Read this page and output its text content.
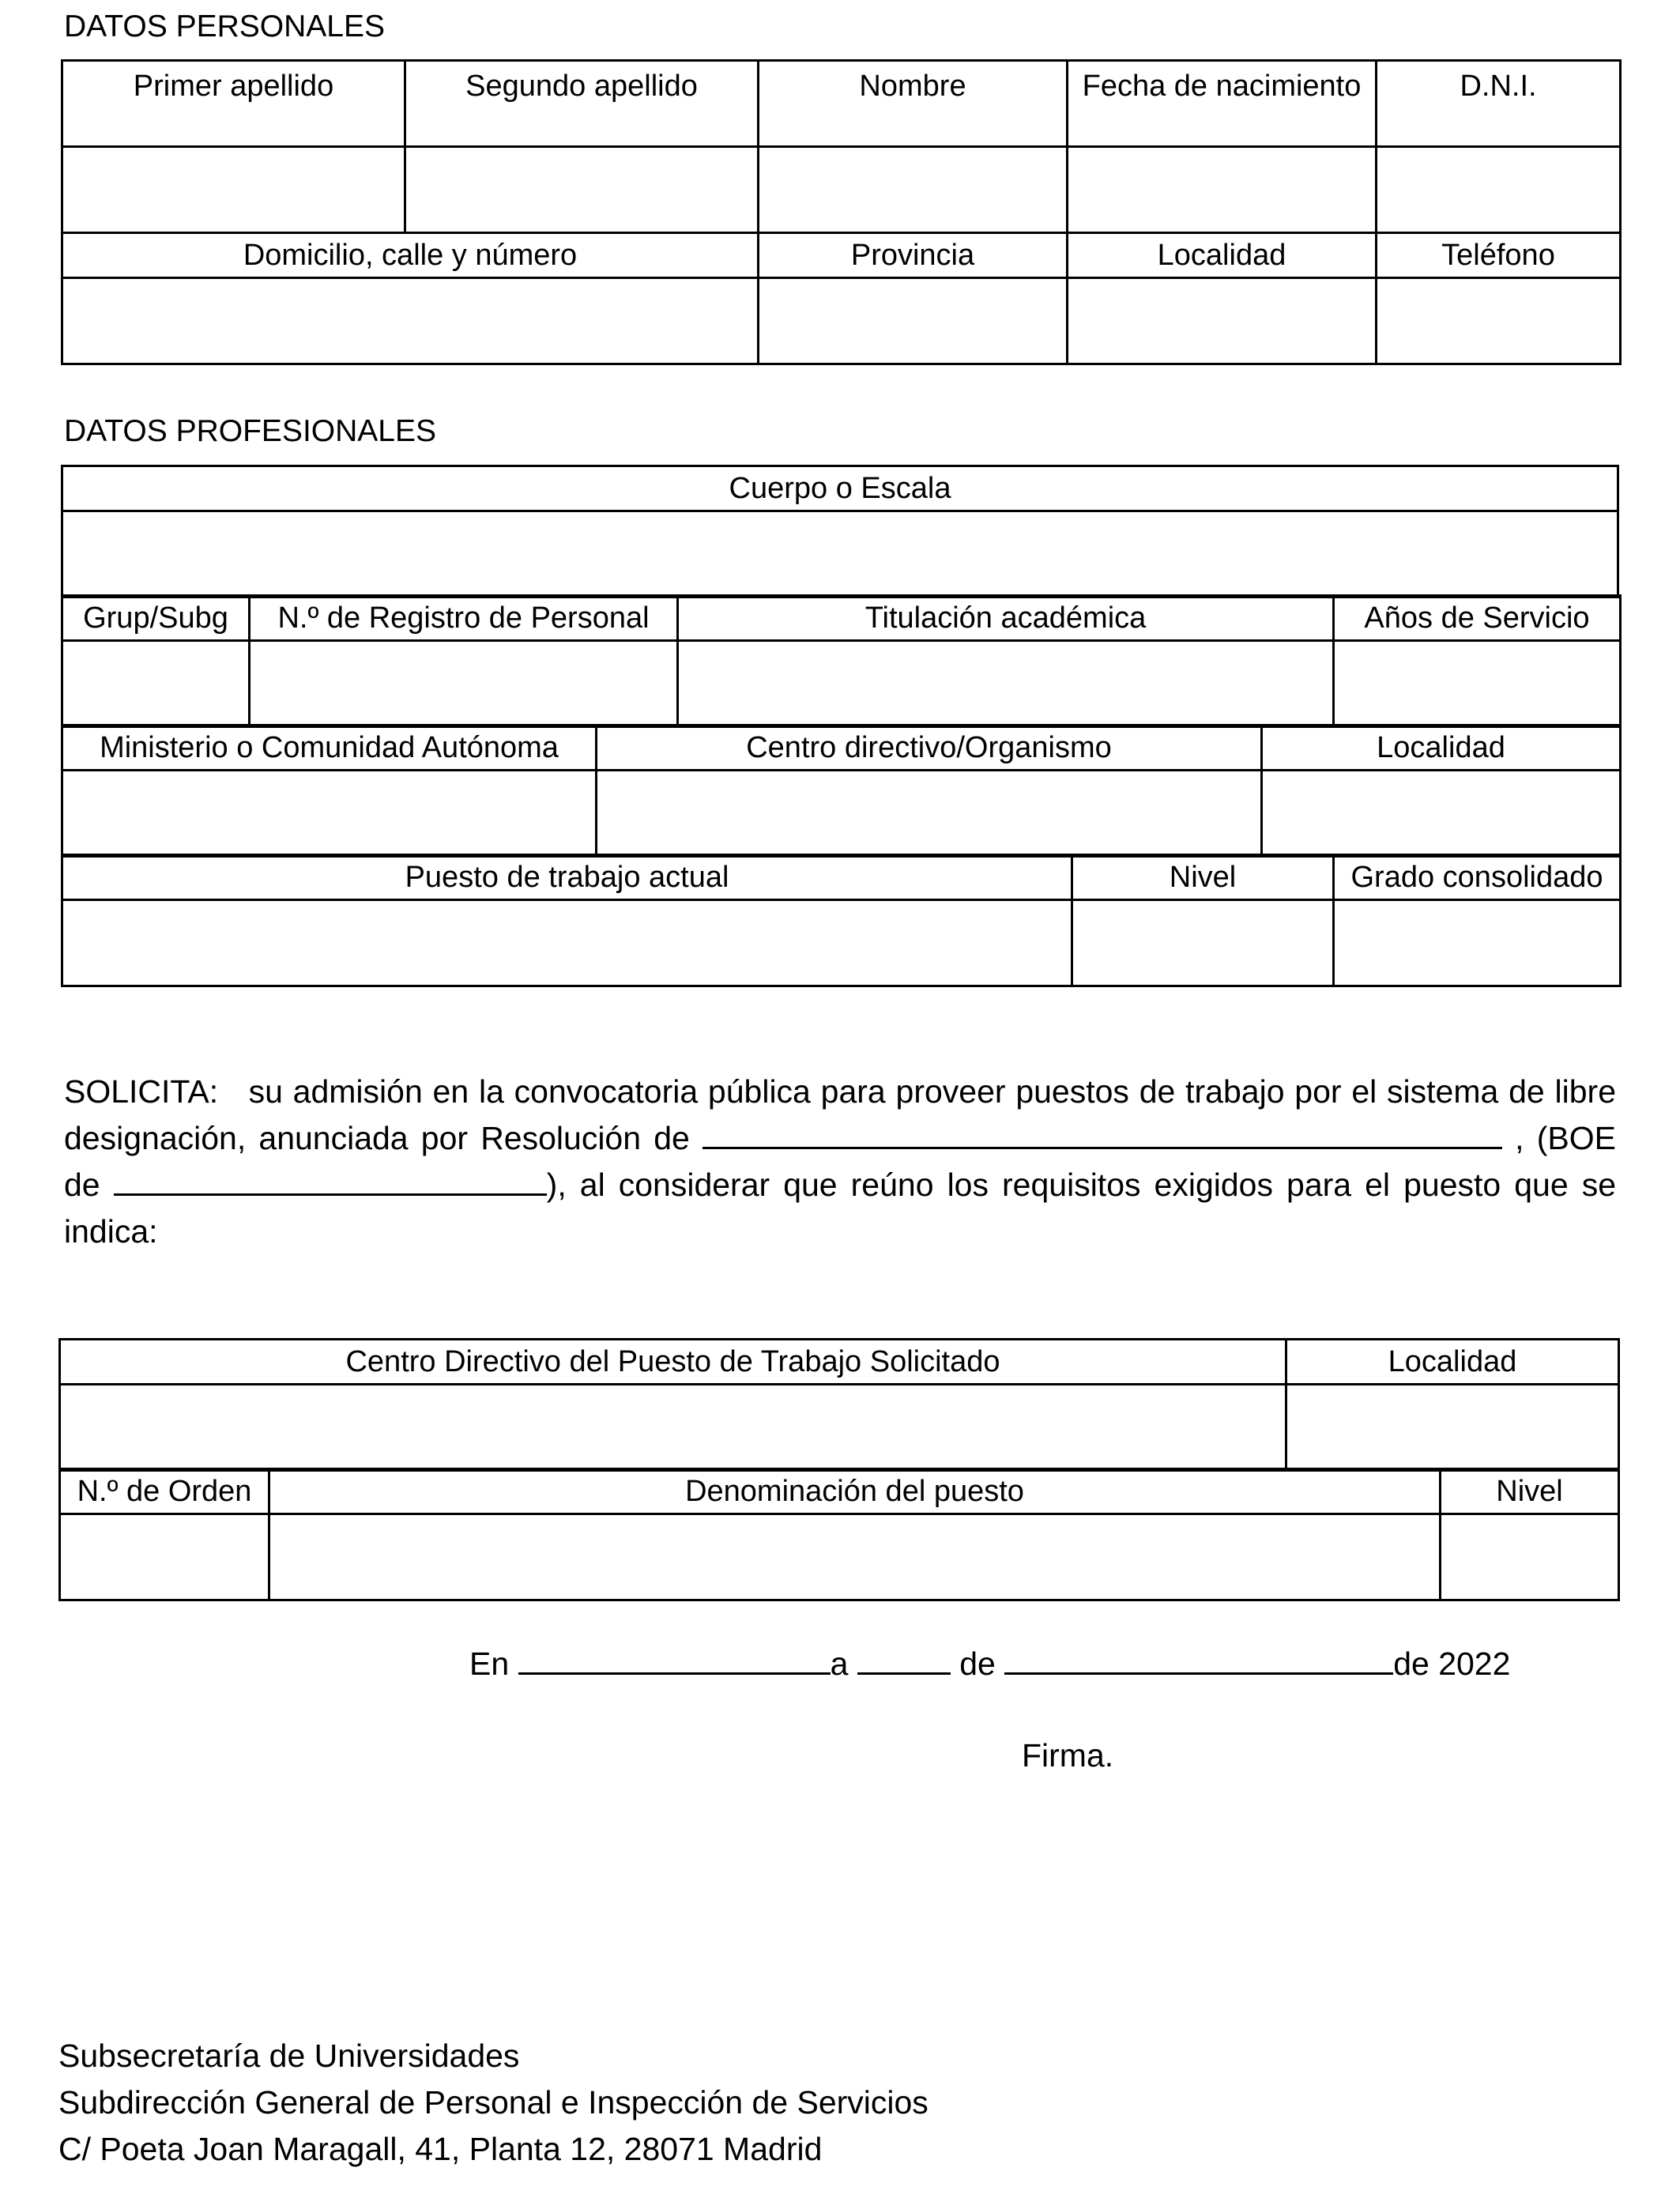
DATOS PERSONALES
Primer apellido	Segundo apellido	Nombre	Fecha de nacimiento	D.N.I.

Domicilio, calle y número		Provincia	Localidad	Teléfono

DATOS PROFESIONALES
Cuerpo o Escala

Grup/Subg	N.º de Registro de Personal	Titulación académica	Años de Servicio

Ministerio o Comunidad Autónoma	Centro directivo/Organismo	Localidad

Puesto de trabajo actual	Nivel	Grado consolidado

SOLICITA: su admisión en la convocatoria pública para proveer puestos de trabajo por el sistema de libre designación, anunciada por Resolución de	, (BOE de	), al considerar que reúno los requisitos exigidos para el puesto que se indica:
Centro Directivo del Puesto de Trabajo Solicitado	Localidad

N.º de Orden	Denominación del puesto	Nivel

En	a	de	de 2022
Firma.
Subsecretaría de Universidades
Subdirección General de Personal e Inspección de Servicios
C/ Poeta Joan Maragall, 41, Planta 12, 28071 Madrid
